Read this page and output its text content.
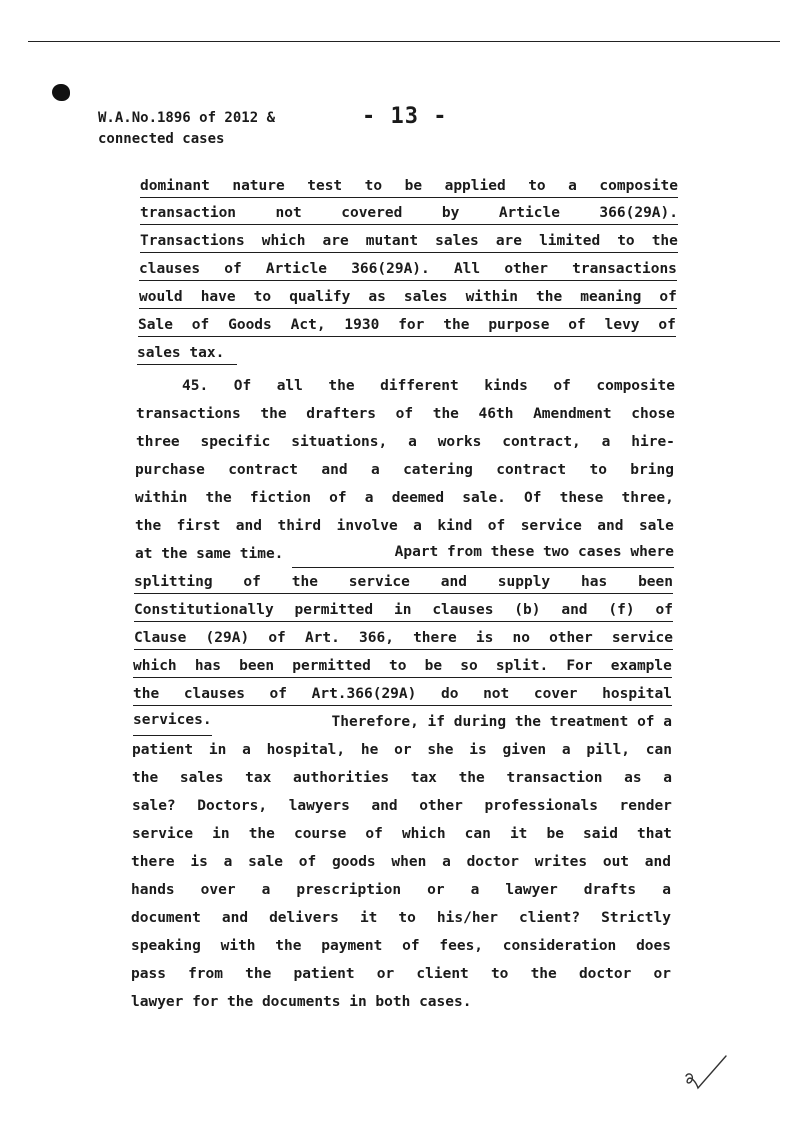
W.A.No.1896 of 2012 &
connected cases
- 13 -
dominant nature test to be applied to a composite
transaction	not	covered	by	Article	366(29A).
Transactions which are mutant sales are limited to the
clauses of Article 366(29A). All other transactions
would have to qualify as sales within the meaning of
Sale of Goods Act, 1930 for the purpose of levy of
sales tax.
45. Of all the different kinds of composite
transactions the drafters of the 46th Amendment chose
three specific situations, a works contract, a hire-
purchase contract and a catering contract to bring
within the fiction of a deemed sale. Of these three,
the first and third involve a kind of service and sale
at the same time.	Apart from these two cases where
splitting of the service and supply has been
Constitutionally permitted in clauses (b) and (f) of
Clause (29A) of Art. 366, there is no other service
which has been permitted to be so split. For example
the clauses of Art.366(29A) do not cover hospital
services.	Therefore, if during the treatment of a
patient in a hospital, he or she is given a pill, can
the sales tax authorities tax the transaction as a
sale? Doctors, lawyers and other professionals render
service in the course of which can it be said that
there is a sale of goods when a doctor writes out and
hands over a prescription or a lawyer drafts a
document and delivers it to his/her client? Strictly
speaking with the payment of fees, consideration does
pass from the patient or client to the doctor or
lawyer for the documents in both cases.
